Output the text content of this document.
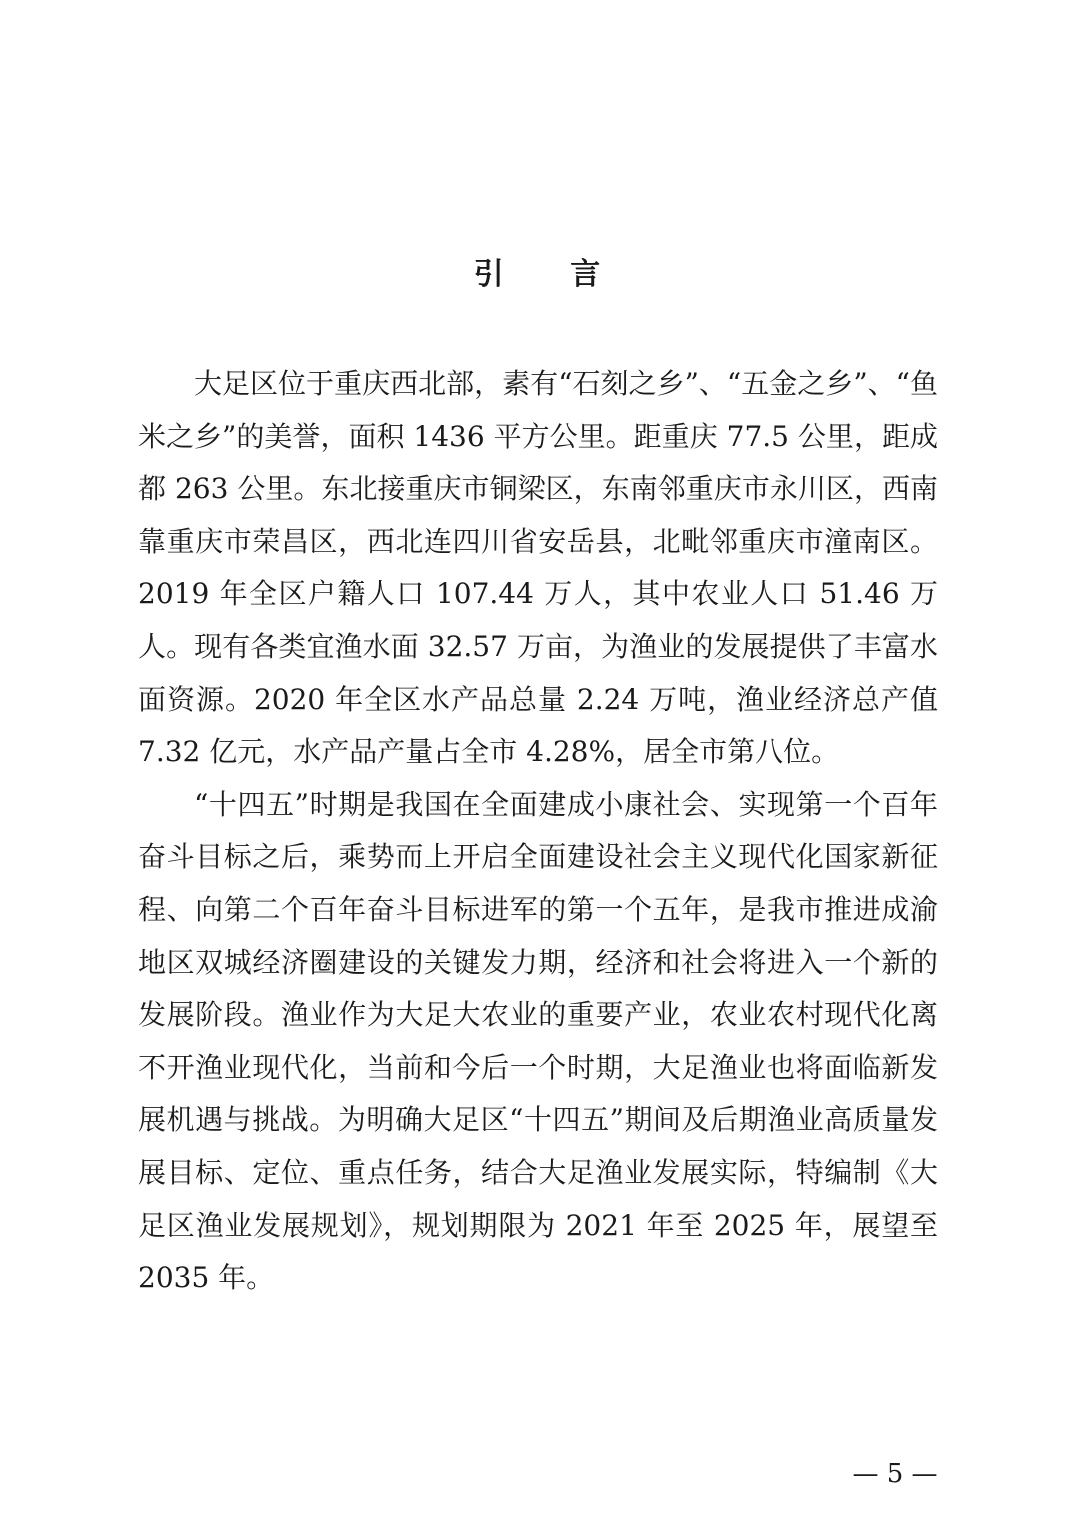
引 言

大足区位于重庆西北部，素有“石刻之乡”、“五金之乡”、“鱼米之乡”的美誉，面积 1436 平方公里。距重庆 77.5 公里，距成都 263 公里。东北接重庆市铜梁区，东南邻重庆市永川区，西南靠重庆市荣昌区，西北连四川省安岳县，北毗邻重庆市潼南区。2019 年全区户籍人口 107.44 万人，其中农业人口 51.46 万人。现有各类宜渔水面 32.57 万亩，为渔业的发展提供了丰富水面资源。2020 年全区水产品总量 2.24 万吨，渔业经济总产值 7.32 亿元，水产品产量占全市 4.28%，居全市第八位。

“十四五”时期是我国在全面建成小康社会、实现第一个百年奋斗目标之后，乘势而上开启全面建设社会主义现代化国家新征程、向第二个百年奋斗目标进军的第一个五年，是我市推进成渝地区双城经济圈建设的关键发力期，经济和社会将进入一个新的发展阶段。渔业作为大足大农业的重要产业，农业农村现代化离不开渔业现代化，当前和今后一个时期，大足渔业也将面临新发展机遇与挑战。为明确大足区“十四五”期间及后期渔业高质量发展目标、定位、重点任务，结合大足渔业发展实际，特编制《大足区渔业发展规划》，规划期限为 2021 年至 2025 年，展望至 2035 年。

— 5 —
